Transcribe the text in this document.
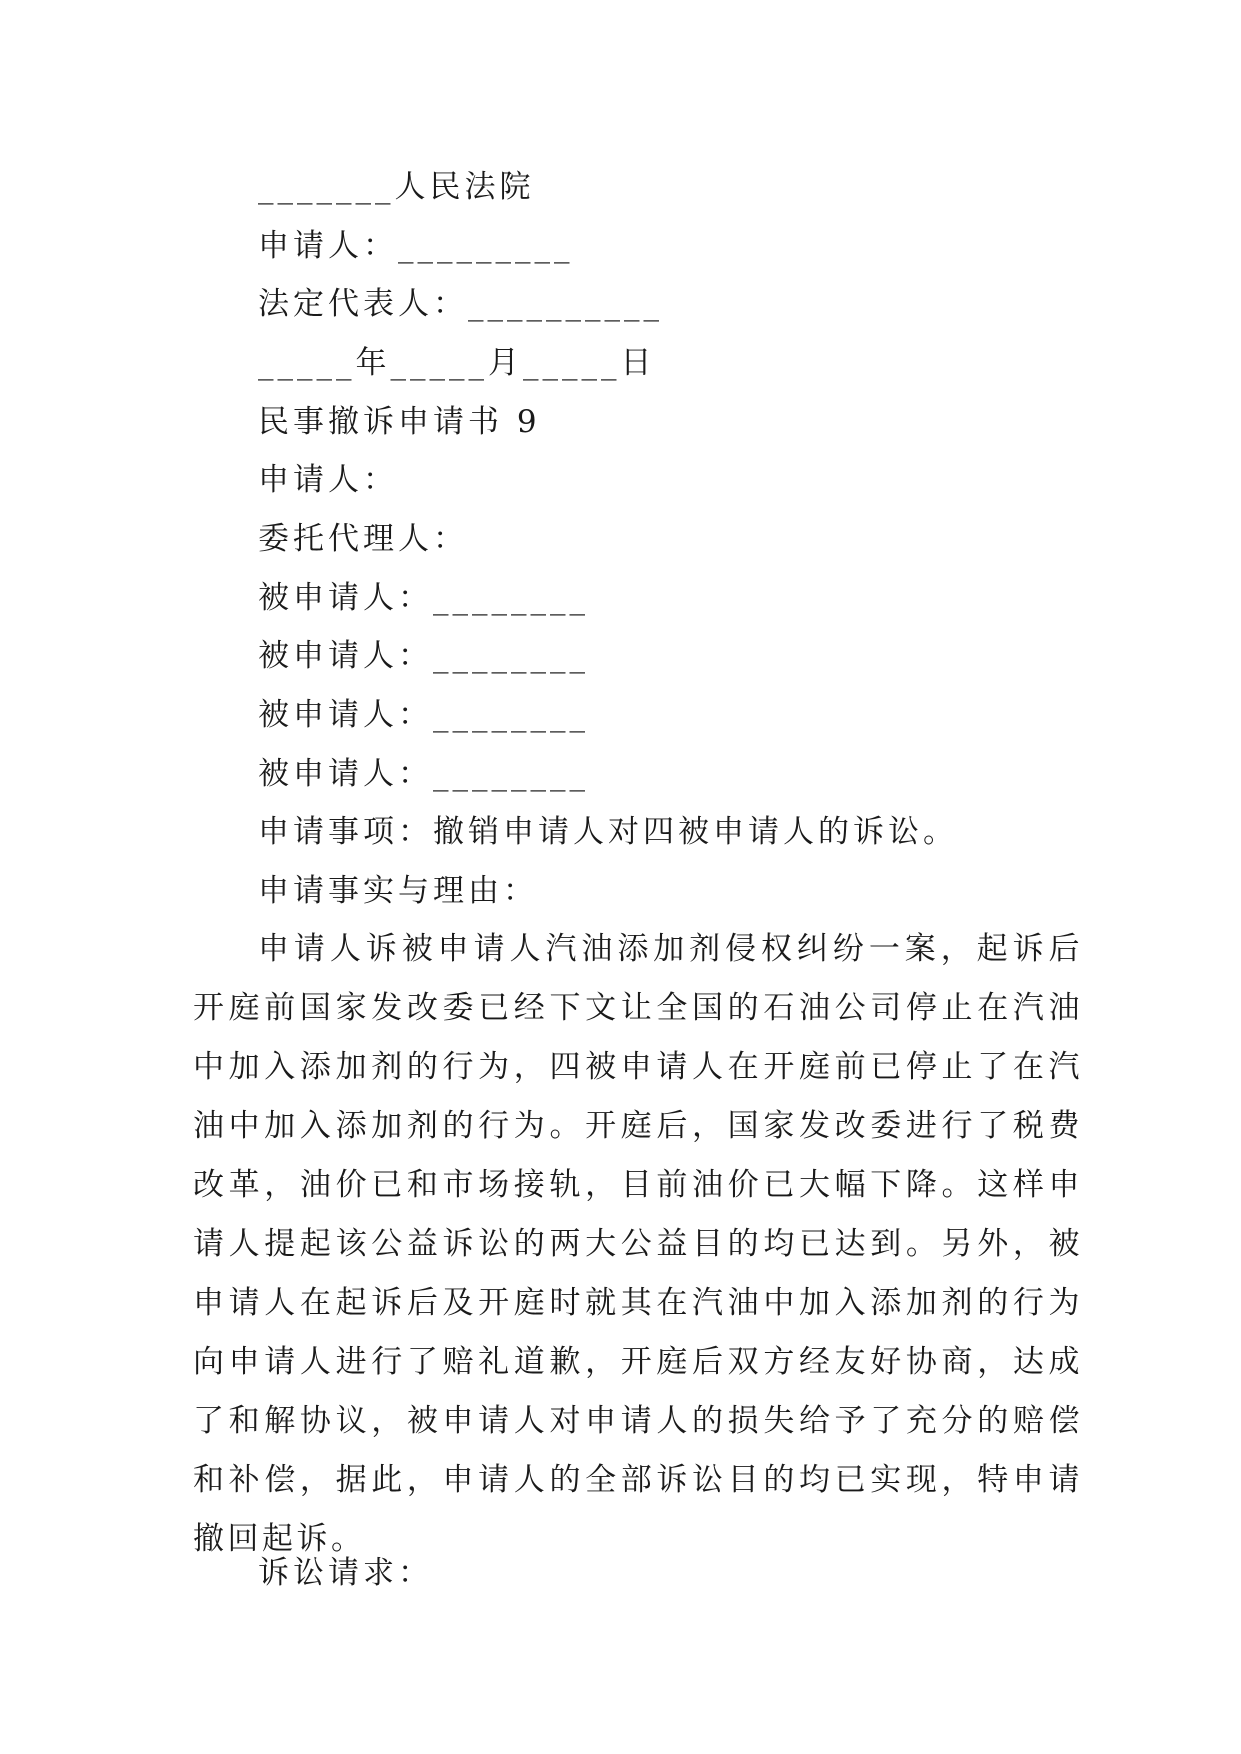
_______人民法院
申请人：_________
法定代表人：__________
_____年_____月_____日
民事撤诉申请书 9
申请人：
委托代理人：
被申请人：________
被申请人：________
被申请人：________
被申请人：________
申请事项：撤销申请人对四被申请人的诉讼。
申请事实与理由：

申请人诉被申请人汽油添加剂侵权纠纷一案，起诉后开庭前国家发改委已经下文让全国的石油公司停止在汽油中加入添加剂的行为，四被申请人在开庭前已停止了在汽油中加入添加剂的行为。开庭后，国家发改委进行了税费改革，油价已和市场接轨，目前油价已大幅下降。这样申请人提起该公益诉讼的两大公益目的均已达到。另外，被申请人在起诉后及开庭时就其在汽油中加入添加剂的行为向申请人进行了赔礼道歉，开庭后双方经友好协商，达成了和解协议，被申请人对申请人的损失给予了充分的赔偿和补偿，据此，申请人的全部诉讼目的均已实现，特申请撤回起诉。

诉讼请求：
